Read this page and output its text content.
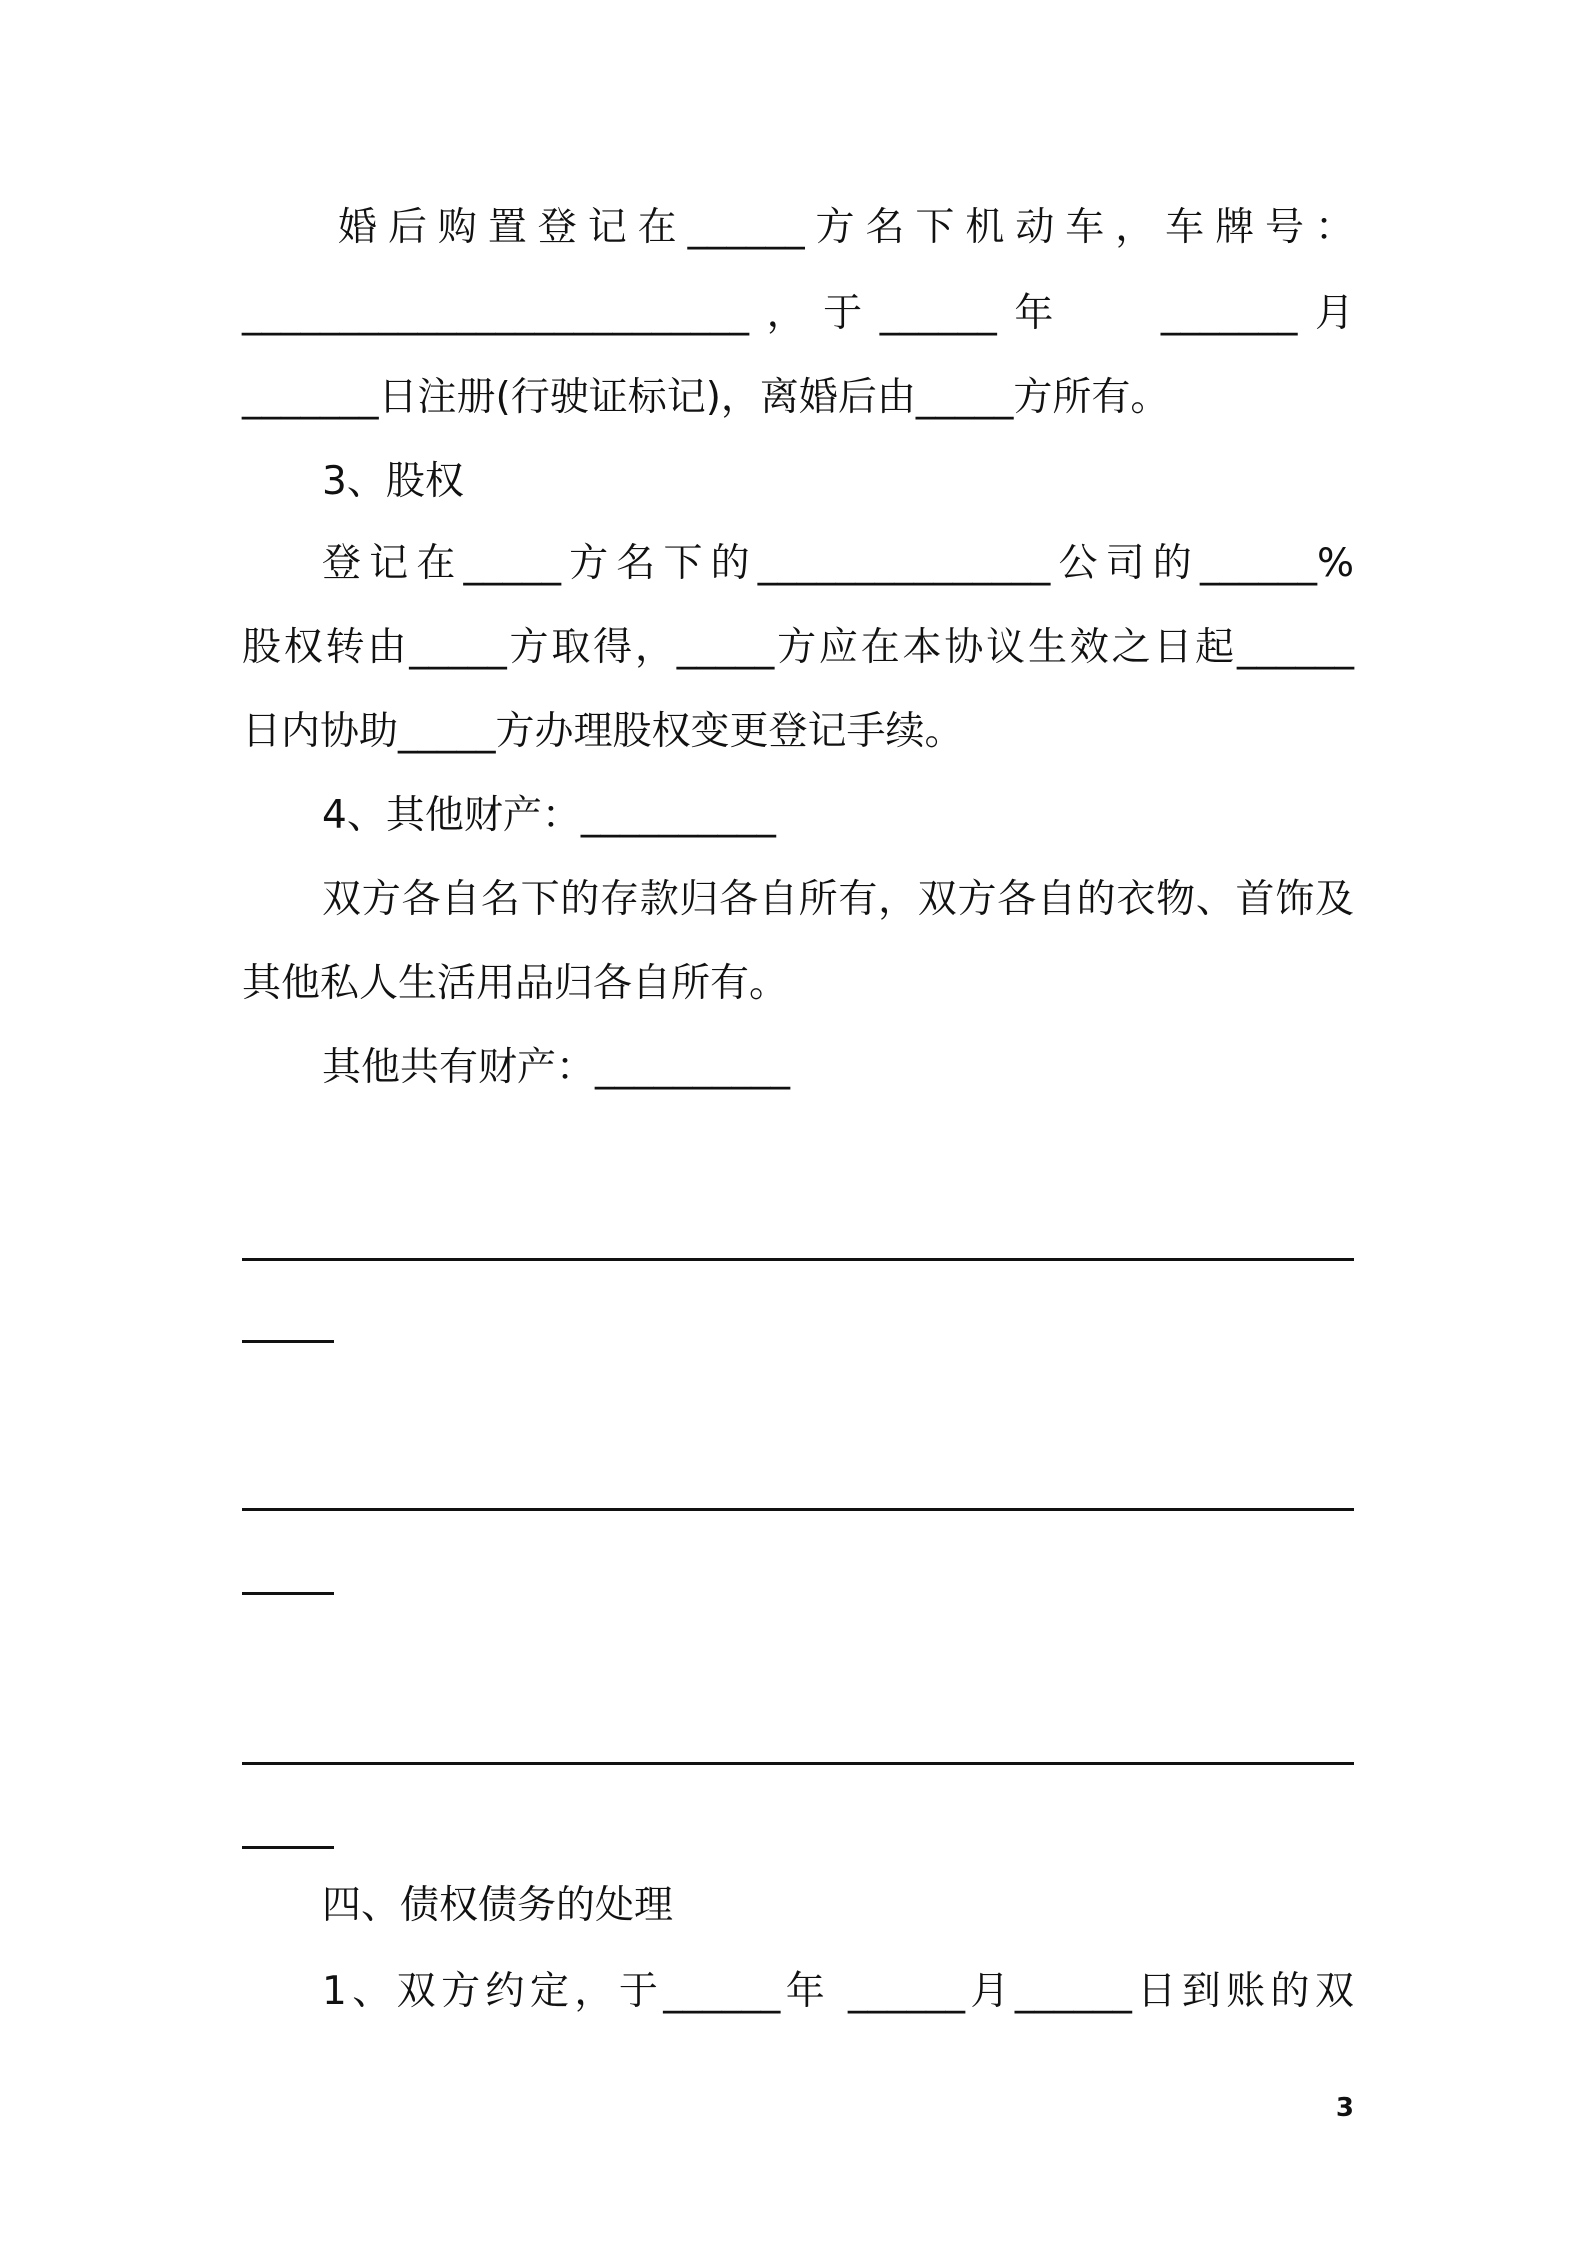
婚后购置登记在______方名下机动车，车牌号：
__________________________，于______年   _______月
_______日注册(行驶证标记)，离婚后由_____方所有。
3、股权
登记在_____方名下的_______________公司的______%
股权转由_____方取得，_____方应在本协议生效之日起______
日内协助_____方办理股权变更登记手续。
4、其他财产：__________
双方各自名下的存款归各自所有，双方各自的衣物、首饰及
其他私人生活用品归各自所有。
其他共有财产：__________
四、债权债务的处理
1、双方约定，于______年 ______月______日到账的双
3
